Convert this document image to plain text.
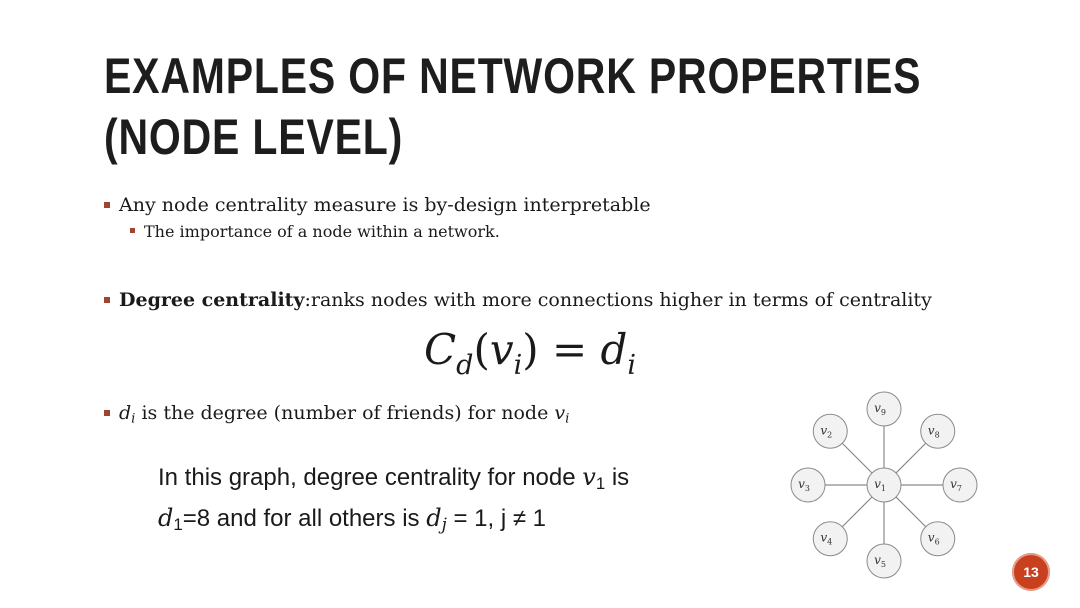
EXAMPLES OF NETWORK PROPERTIES
(NODE LEVEL)
Any node centrality measure is by-design interpretable
The importance of a node within a network.
Degree centrality:ranks nodes with more connections higher in terms of centrality
$C_d(v_i) = d_i$
di is the degree (number of friends) for node vi
In this graph, degree centrality for node v1 is
d1=8 and for all others is dj = 1, j ≠ 1
$v_2$
$v_3$
$v_4$
$v_5$
$v_6$
$v_7$
$v_8$
$v_9$
$v_1$
13
